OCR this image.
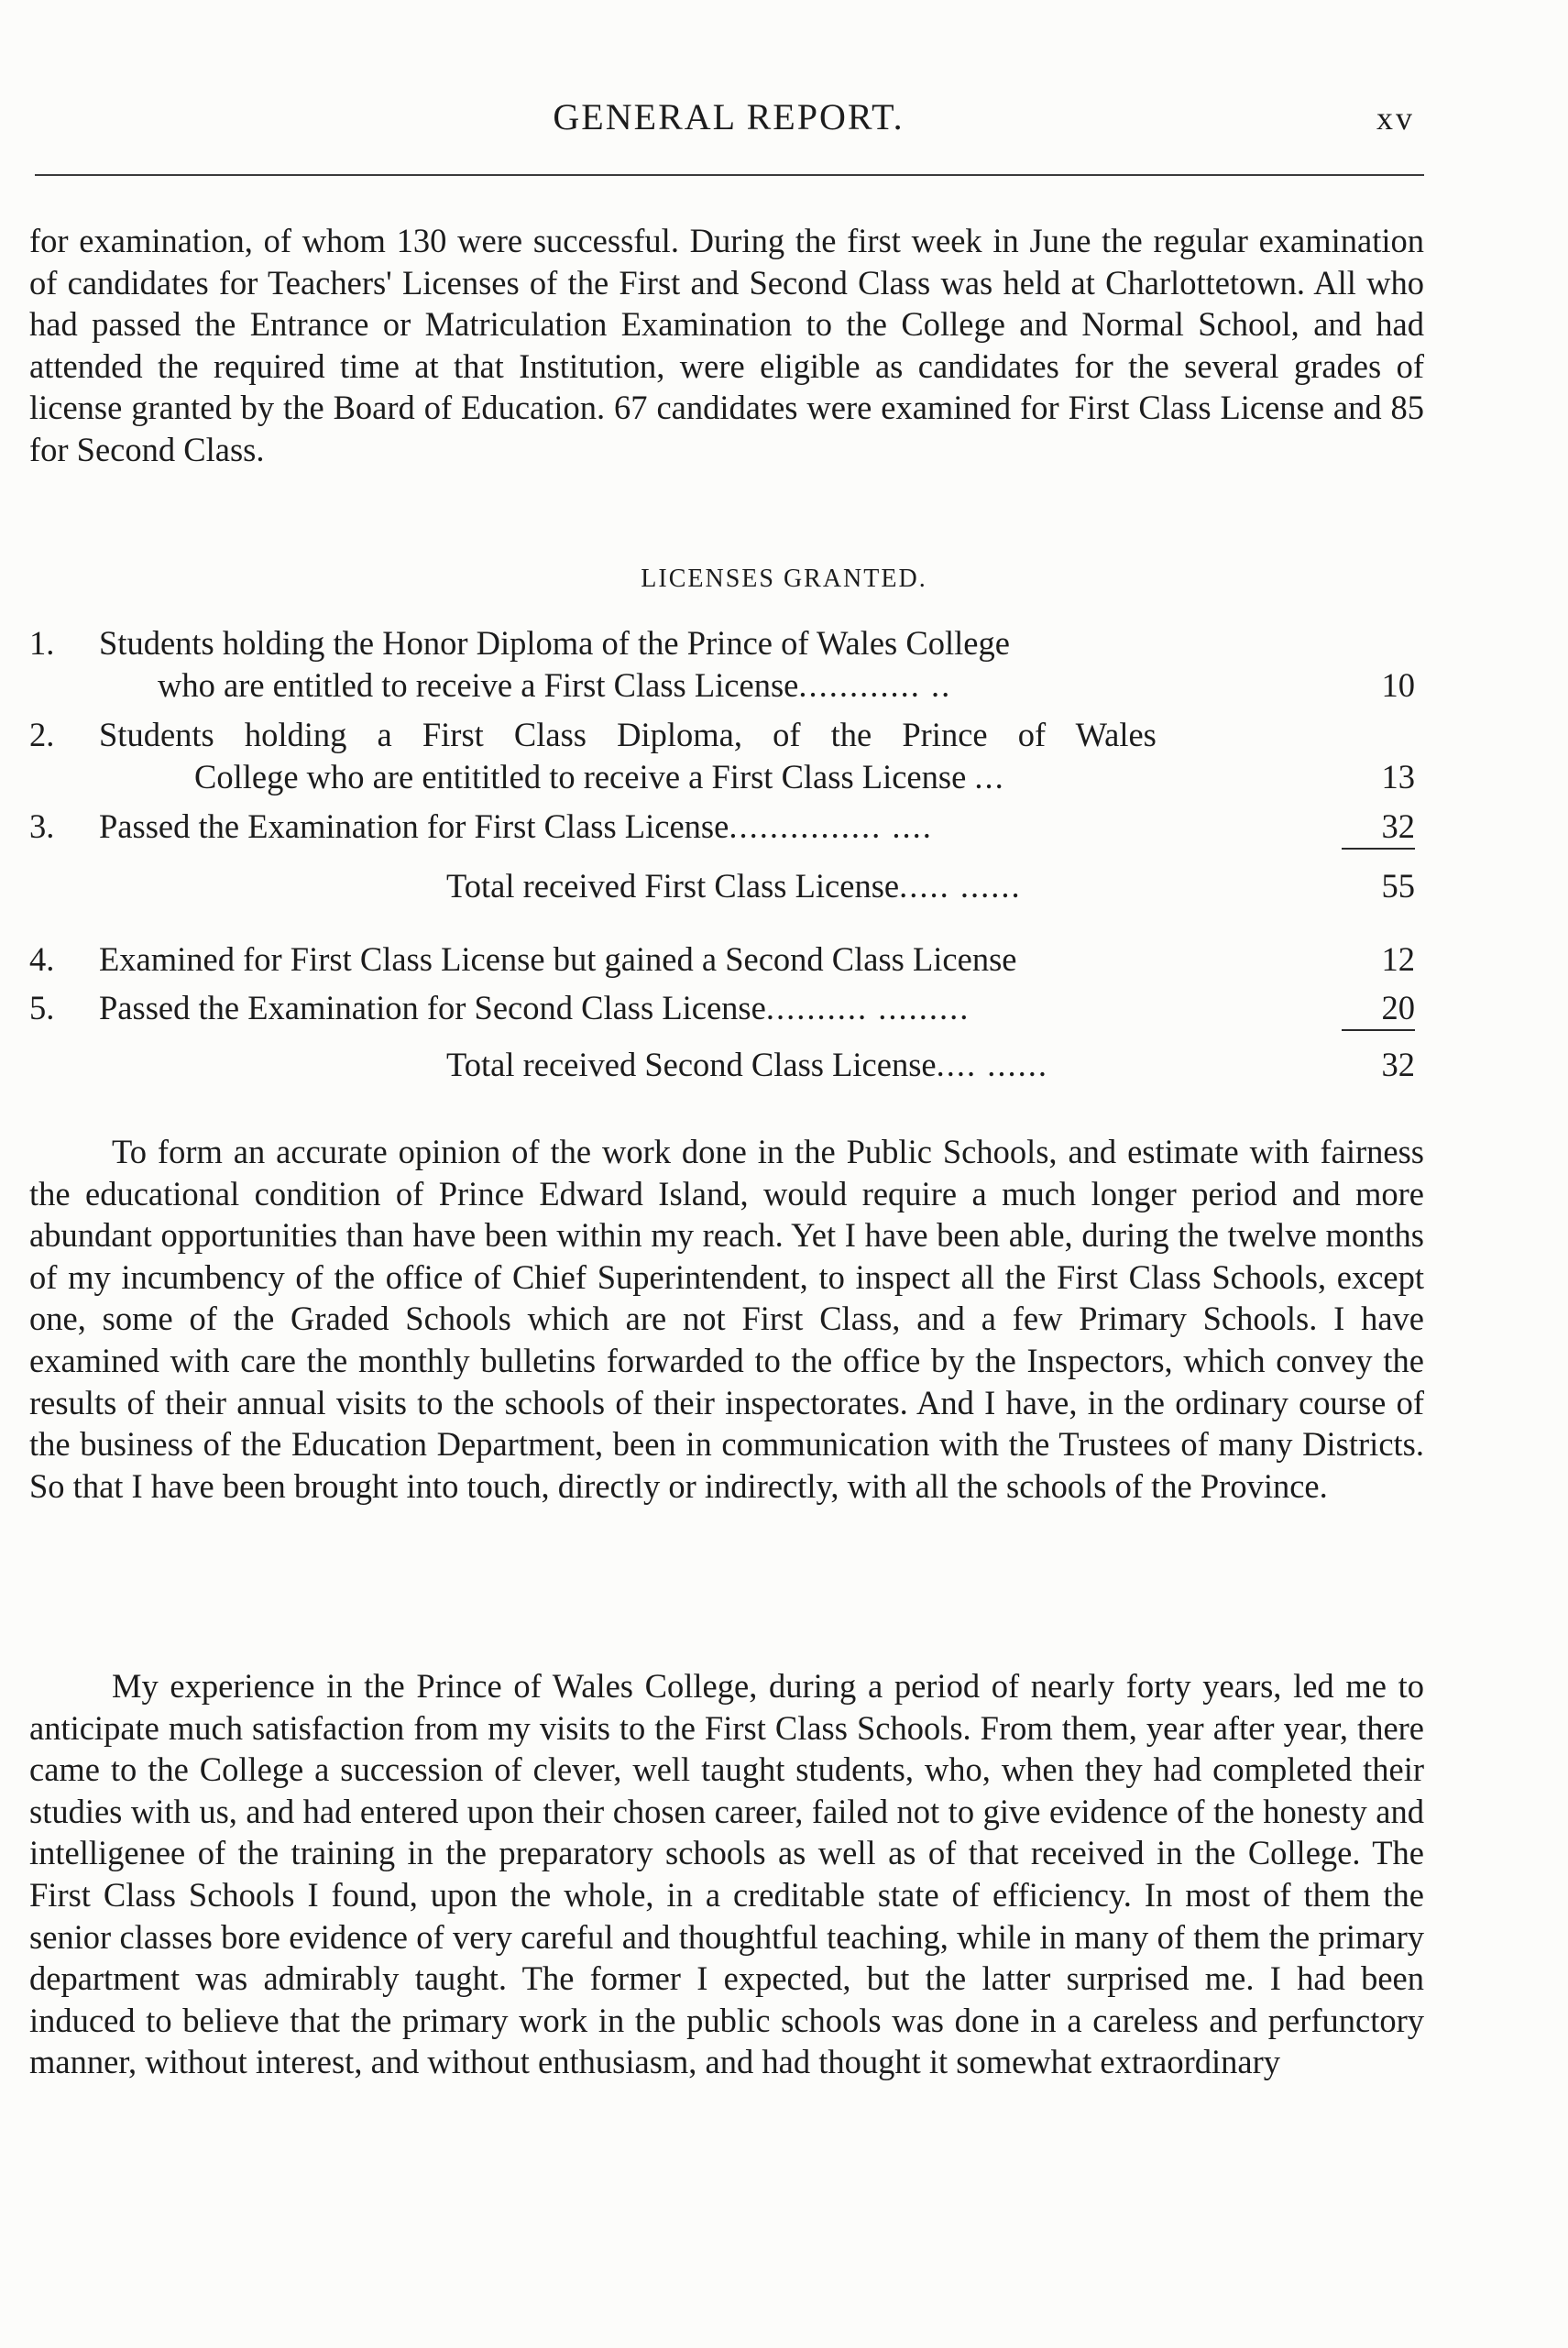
GENERAL REPORT.	xv
for examination, of whom 130 were successful. During the first week in June the regular examination of candidates for Teachers' Licenses of the First and Second Class was held at Charlottetown. All who had passed the Entrance or Matriculation Examination to the College and Normal School, and had attended the required time at that Institution, were eligible as candidates for the several grades of license granted by the Board of Education. 67 candidates were examined for First Class License and 85 for Second Class.
LICENSES GRANTED.
1. Students holding the Honor Diploma of the Prince of Wales College
who are entitled to receive a First Class License............ ..	10
2. Students holding a First Class Diploma, of the Prince of Wales
College who are entititled to receive a First Class License ...	13
3. Passed the Examination for First Class License............... ....	32
Total received First Class License..... ......	55
4. Examined for First Class License but gained a Second Class License	12
5. Passed the Examination for Second Class License.......... .........	20
Total received Second Class License.... ......	32
To form an accurate opinion of the work done in the Public Schools, and estimate with fairness the educational condition of Prince Edward Island, would require a much longer period and more abundant opportunities than have been within my reach. Yet I have been able, during the twelve months of my incumbency of the office of Chief Superintendent, to inspect all the First Class Schools, except one, some of the Graded Schools which are not First Class, and a few Primary Schools. I have examined with care the monthly bulletins forwarded to the office by the Inspectors, which convey the results of their annual visits to the schools of their inspectorates. And I have, in the ordinary course of the business of the Education Department, been in communication with the Trustees of many Districts. So that I have been brought into touch, directly or indirectly, with all the schools of the Province.
My experience in the Prince of Wales College, during a period of nearly forty years, led me to anticipate much satisfaction from my visits to the First Class Schools. From them, year after year, there came to the College a succession of clever, well taught students, who, when they had completed their studies with us, and had entered upon their chosen career, failed not to give evidence of the honesty and intelligenee of the training in the preparatory schools as well as of that received in the College. The First Class Schools I found, upon the whole, in a creditable state of efficiency. In most of them the senior classes bore evidence of very careful and thoughtful teaching, while in many of them the primary department was admirably taught. The former I expected, but the latter surprised me. I had been induced to believe that the primary work in the public schools was done in a careless and perfunctory manner, without interest, and without enthusiasm, and had thought it somewhat extraordinary
